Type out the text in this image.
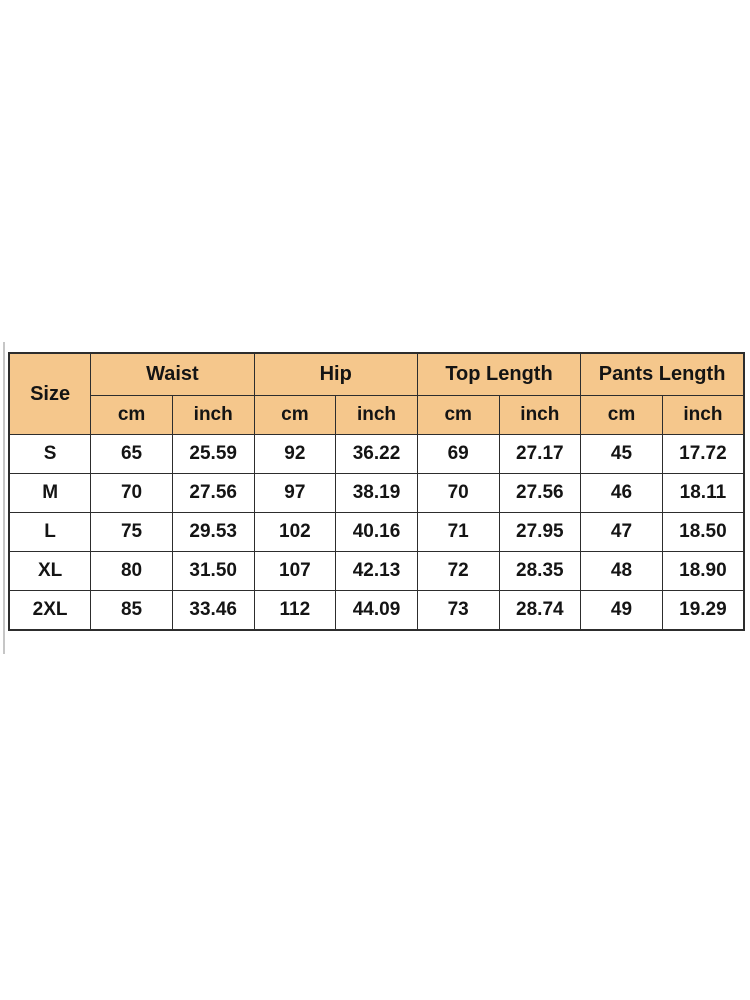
Size	Waist		Hip		Top Length		Pants Length	
	cm	inch	cm	inch	cm	inch	cm	inch
S	65	25.59	92	36.22	69	27.17	45	17.72
M	70	27.56	97	38.19	70	27.56	46	18.11
L	75	29.53	102	40.16	71	27.95	47	18.50
XL	80	31.50	107	42.13	72	28.35	48	18.90
2XL	85	33.46	112	44.09	73	28.74	49	19.29
